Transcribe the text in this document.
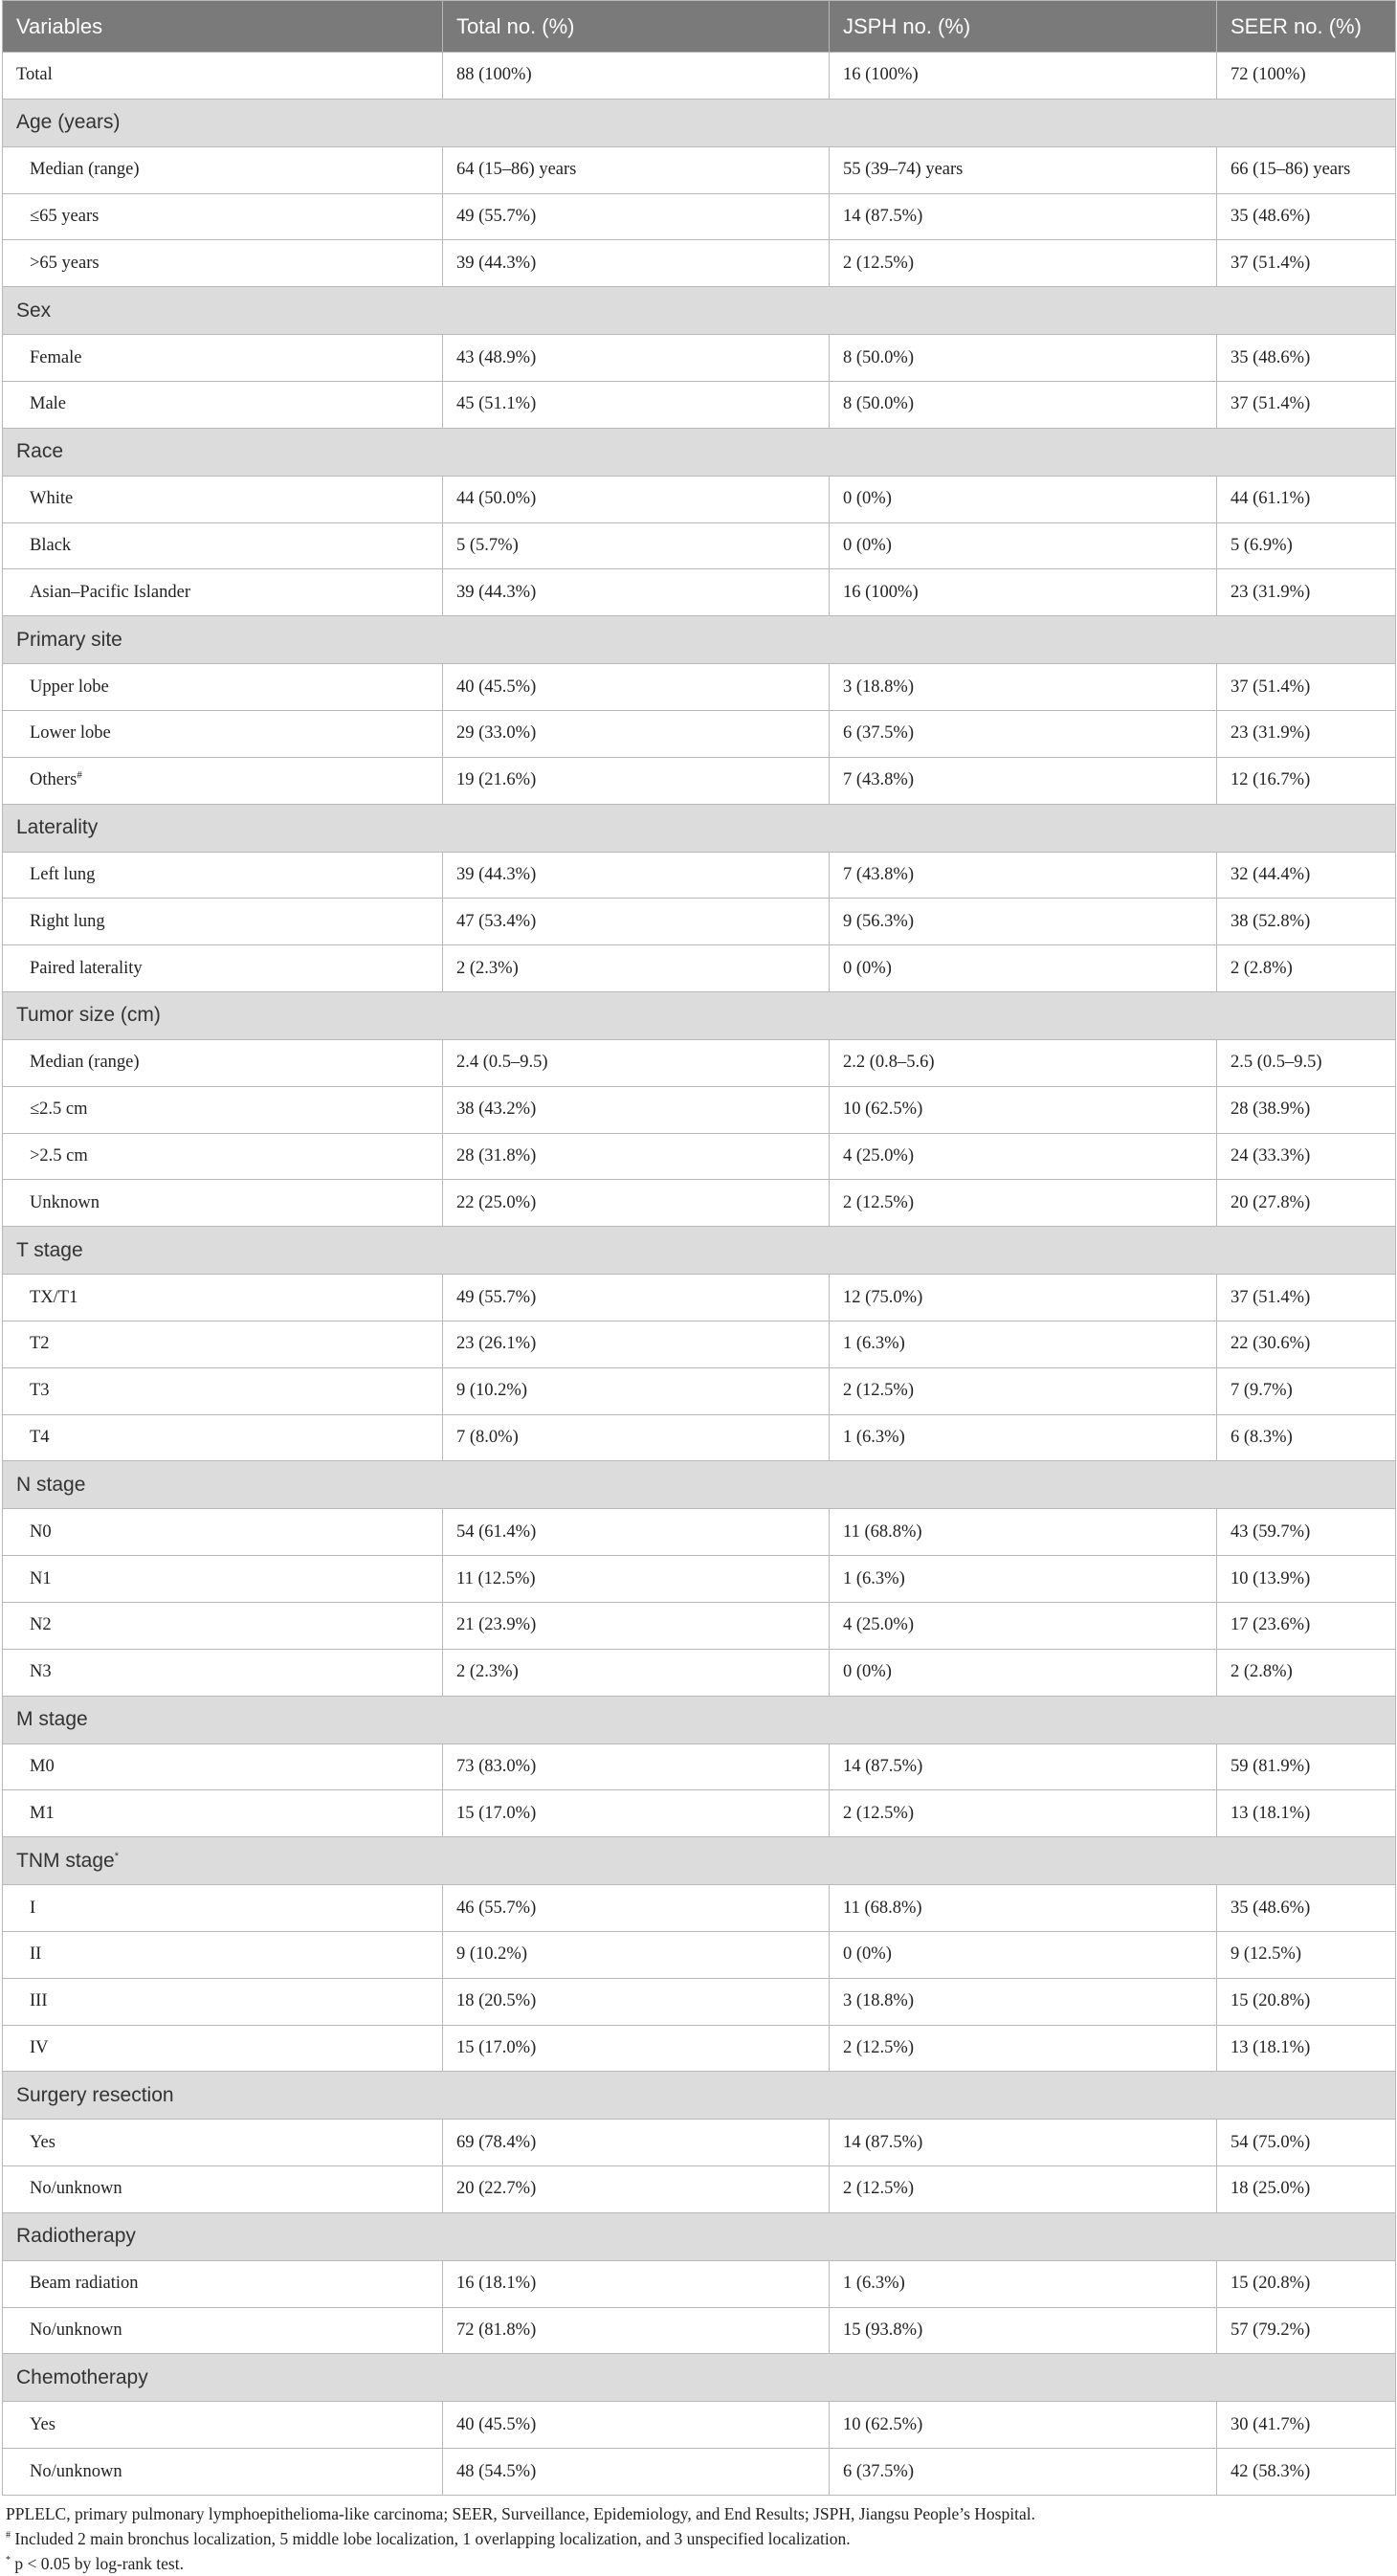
Variables	Total no. (%)	JSPH no. (%)	SEER no. (%)
Total	88 (100%)	16 (100%)	72 (100%)
Age (years)			
Median (range)	64 (15–86) years	55 (39–74) years	66 (15–86) years
≤65 years	49 (55.7%)	14 (87.5%)	35 (48.6%)
>65 years	39 (44.3%)	2 (12.5%)	37 (51.4%)
Sex			
Female	43 (48.9%)	8 (50.0%)	35 (48.6%)
Male	45 (51.1%)	8 (50.0%)	37 (51.4%)
Race			
White	44 (50.0%)	0 (0%)	44 (61.1%)
Black	5 (5.7%)	0 (0%)	5 (6.9%)
Asian–Pacific Islander	39 (44.3%)	16 (100%)	23 (31.9%)
Primary site			
Upper lobe	40 (45.5%)	3 (18.8%)	37 (51.4%)
Lower lobe	29 (33.0%)	6 (37.5%)	23 (31.9%)
Others#	19 (21.6%)	7 (43.8%)	12 (16.7%)
Laterality			
Left lung	39 (44.3%)	7 (43.8%)	32 (44.4%)
Right lung	47 (53.4%)	9 (56.3%)	38 (52.8%)
Paired laterality	2 (2.3%)	0 (0%)	2 (2.8%)
Tumor size (cm)			
Median (range)	2.4 (0.5–9.5)	2.2 (0.8–5.6)	2.5 (0.5–9.5)
≤2.5 cm	38 (43.2%)	10 (62.5%)	28 (38.9%)
>2.5 cm	28 (31.8%)	4 (25.0%)	24 (33.3%)
Unknown	22 (25.0%)	2 (12.5%)	20 (27.8%)
T stage			
TX/T1	49 (55.7%)	12 (75.0%)	37 (51.4%)
T2	23 (26.1%)	1 (6.3%)	22 (30.6%)
T3	9 (10.2%)	2 (12.5%)	7 (9.7%)
T4	7 (8.0%)	1 (6.3%)	6 (8.3%)
N stage			
N0	54 (61.4%)	11 (68.8%)	43 (59.7%)
N1	11 (12.5%)	1 (6.3%)	10 (13.9%)
N2	21 (23.9%)	4 (25.0%)	17 (23.6%)
N3	2 (2.3%)	0 (0%)	2 (2.8%)
M stage			
M0	73 (83.0%)	14 (87.5%)	59 (81.9%)
M1	15 (17.0%)	2 (12.5%)	13 (18.1%)
TNM stage*
I	46 (55.7%)	11 (68.8%)	35 (48.6%)
II	9 (10.2%)	0 (0%)	9 (12.5%)
III	18 (20.5%)	3 (18.8%)	15 (20.8%)
IV	15 (17.0%)	2 (12.5%)	13 (18.1%)
Surgery resection			
Yes	69 (78.4%)	14 (87.5%)	54 (75.0%)
No/unknown	20 (22.7%)	2 (12.5%)	18 (25.0%)
Radiotherapy			
Beam radiation	16 (18.1%)	1 (6.3%)	15 (20.8%)
No/unknown	72 (81.8%)	15 (93.8%)	57 (79.2%)
Chemotherapy			
Yes	40 (45.5%)	10 (62.5%)	30 (41.7%)
No/unknown	48 (54.5%)	6 (37.5%)	42 (58.3%)
PPLELC, primary pulmonary lymphoepithelioma-like carcinoma; SEER, Surveillance, Epidemiology, and End Results; JSPH, Jiangsu People’s Hospital.
# Included 2 main bronchus localization, 5 middle lobe localization, 1 overlapping localization, and 3 unspecified localization.
* p < 0.05 by log-rank test.
